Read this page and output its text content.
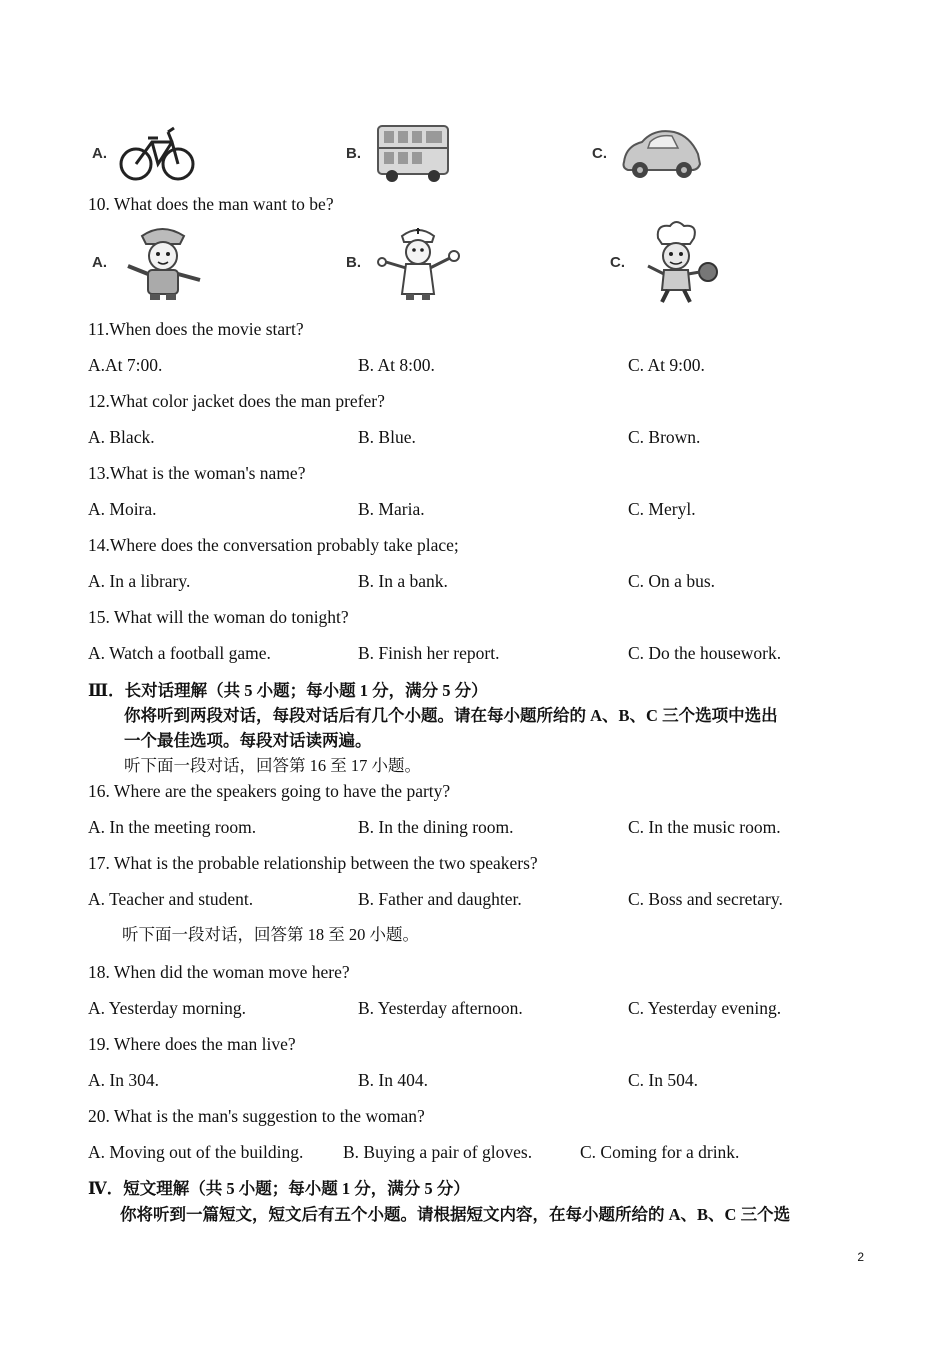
A.	B.	C.
10. What does the man want to be?
A.	B.	C.
11.When does the movie start?
A.At 7:00.	B. At 8:00.	C. At 9:00.
12.What color jacket does the man prefer?
A. Black.	B. Blue.	C. Brown.
13.What is the woman's name?
A. Moira.	B. Maria.	C. Meryl.
14.Where does the conversation probably take place;
A. In a library.	B. In a bank.	C. On a bus.
15. What will the woman do tonight?
A. Watch a football game.	B. Finish her report.	C. Do the housework.
Ⅲ．长对话理解（共 5 小题；每小题 1 分，满分 5 分）
你将听到两段对话，每段对话后有几个小题。请在每小题所给的 A、B、C 三个选项中选出
一个最佳选项。每段对话读两遍。
听下面一段对话，回答第 16 至 17 小题。
16. Where are the speakers going to have the party?
A. In the meeting room.	B. In the dining room.	C. In the music room.
17. What is the probable relationship between the two speakers?
A. Teacher and student.	B. Father and daughter.	C. Boss and secretary.
听下面一段对话，回答第 18 至 20 小题。
18. When did the woman move here?
A. Yesterday morning.	B. Yesterday afternoon.	C. Yesterday evening.
19. Where does the man live?
A. In 304.	B. In 404.	C. In 504.
20. What is the man's suggestion to the woman?
A. Moving out of the building. B. Buying a pair of gloves.	C. Coming for a drink.
Ⅳ．短文理解（共 5 小题；每小题 1 分，满分 5 分）
你将听到一篇短文，短文后有五个小题。请根据短文内容，在每小题所给的 A、B、C 三个选
2
